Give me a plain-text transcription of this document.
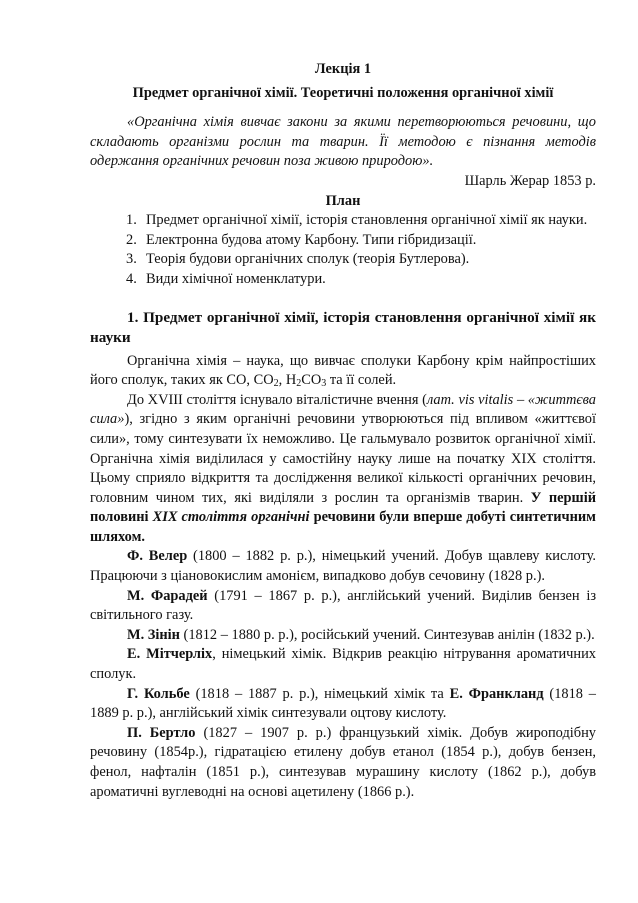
Лекція 1

Предмет органічної хімії. Теоретичні положення органічної хімії

«Органічна хімія вивчає закони за якими перетворюються речовини, що складають організми рослин та тварин. Її методою є пізнання методів одержання органічних речовин поза живою природою».

Шарль Жерар 1853 р.

План

1. Предмет органічної хімії, історія становлення органічної хімії як науки.
2. Електронна будова атому Карбону. Типи гібридизації.
3. Теорія будови органічних сполук (теорія Бутлерова).
4. Види хімічної номенклатури.

1. Предмет органічної хімії, історія становлення органічної хімії як науки

Органічна хімія – наука, що вивчає сполуки Карбону крім найпростіших його сполук, таких як CO, $CO_2$, $H_2CO_3$ та її солей.

До XVIII століття існувало віталістичне вчення (лат. vis vitalis – «життєва сила»), згідно з яким органічні речовини утворюються під впливом «життєвої сили», тому синтезувати їх неможливо. Це гальмувало розвиток органічної хімії. Органічна хімія виділилася у самостійну науку лише на початку XIX століття. Цьому сприяло відкриття та дослідження великої кількості органічних речовин, головним чином тих, які виділяли з рослин та організмів тварин. У першій половині XIX століття органічні речовини були вперше добуті синтетичним шляхом.

Ф. Велер (1800 – 1882 р. р.), німецький учений. Добув щавлеву кислоту. Працюючи з ціановокислим амонієм, випадково добув сечовину (1828 р.).

М. Фарадей (1791 – 1867 р. р.), англійський учений. Виділив бензен із світильного газу.

М. Зінін (1812 – 1880 р. р.), російський учений. Синтезував анілін (1832 р.).

Е. Мітчерліх, німецький хімік. Відкрив реакцію нітрування ароматичних сполук.

Г. Кольбе (1818 – 1887 р. р.), німецький хімік та Е. Франкланд (1818 – 1889 р. р.), англійський хімік синтезували оцтову кислоту.

П. Бертло (1827 – 1907 р. р.) французький хімік. Добув жироподібну речовину (1854р.), гідратацією етилену добув етанол (1854 р.), добув бензен, фенол, нафталін (1851 р.), синтезував мурашину кислоту (1862 р.), добув ароматичні вуглеводні на основі ацетилену (1866 р.).
